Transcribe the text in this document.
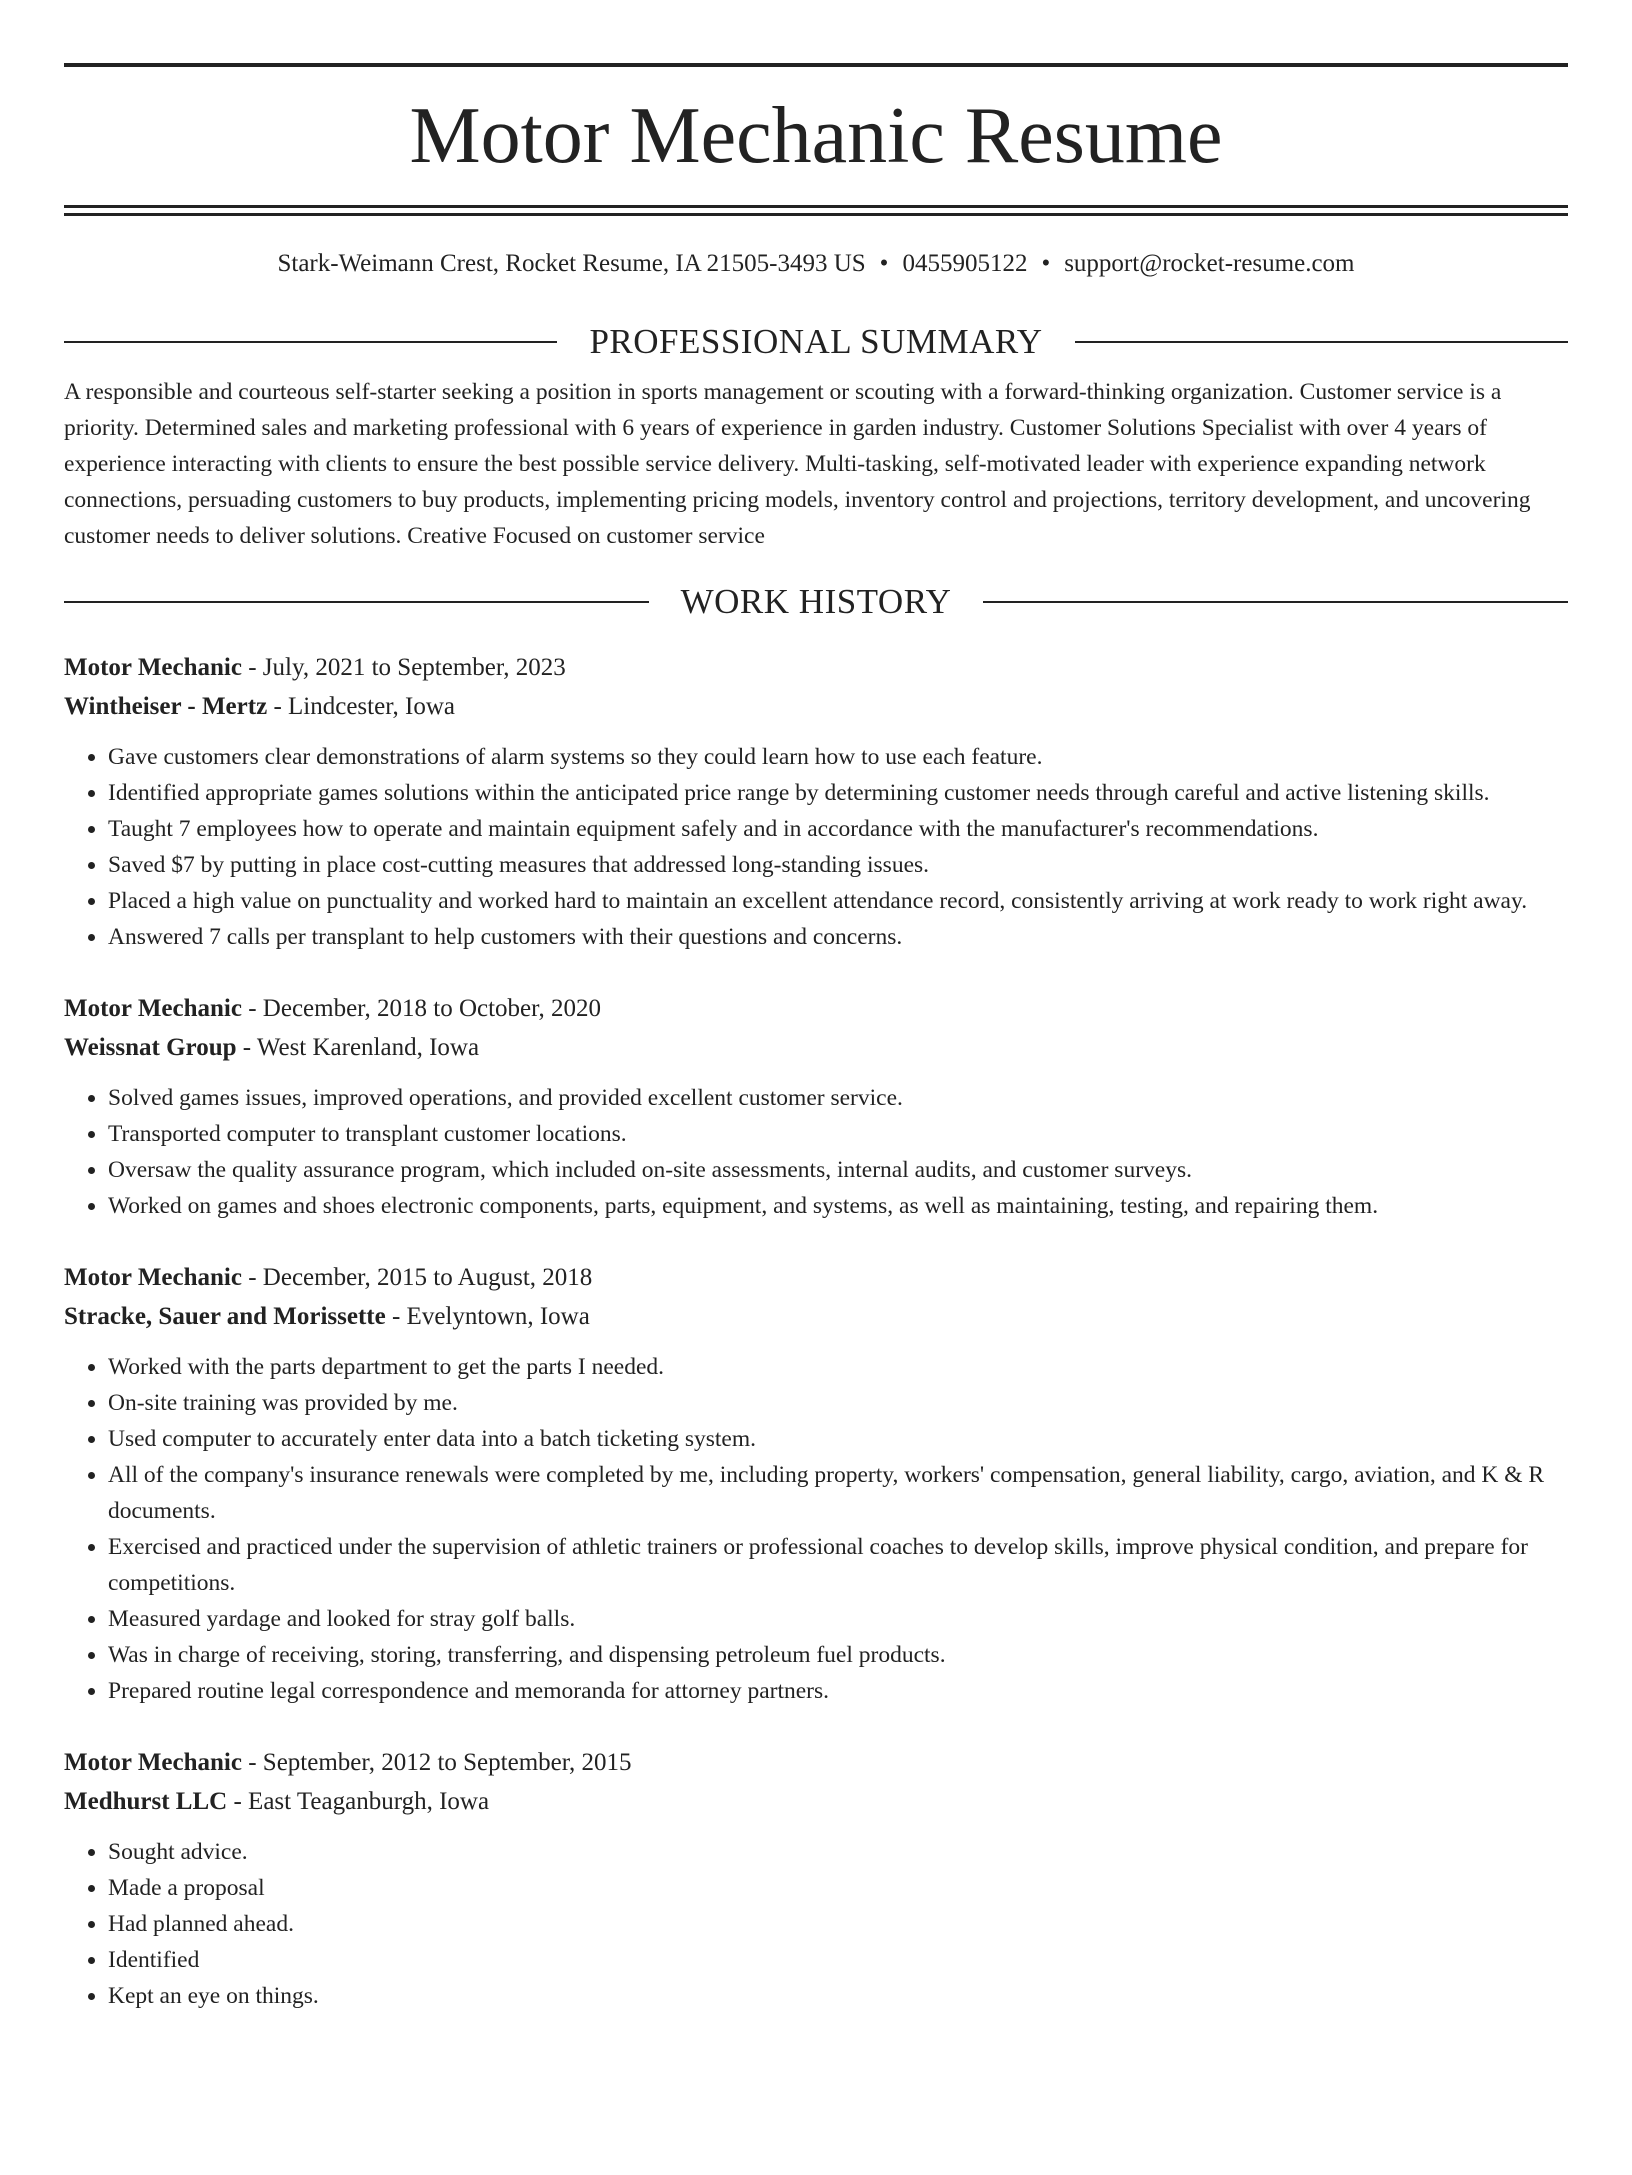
Motor Mechanic Resume
Stark-Weimann Crest, Rocket Resume, IA 21505-3493 US • 0455905122 • support@rocket-resume.com
PROFESSIONAL SUMMARY

A responsible and courteous self-starter seeking a position in sports management or scouting with a forward-thinking organization. Customer service is a priority. Determined sales and marketing professional with 6 years of experience in garden industry. Customer Solutions Specialist with over 4 years of experience interacting with clients to ensure the best possible service delivery. Multi-tasking, self-motivated leader with experience expanding network connections, persuading customers to buy products, implementing pricing models, inventory control and projections, territory development, and uncovering customer needs to deliver solutions. Creative Focused on customer service

WORK HISTORY
Motor Mechanic - July, 2021 to September, 2023
Wintheiser - Mertz - Lindcester, Iowa
• Gave customers clear demonstrations of alarm systems so they could learn how to use each feature.
• Identified appropriate games solutions within the anticipated price range by determining customer needs through careful and active listening skills.
• Taught 7 employees how to operate and maintain equipment safely and in accordance with the manufacturer's recommendations.
• Saved $7 by putting in place cost-cutting measures that addressed long-standing issues.
• Placed a high value on punctuality and worked hard to maintain an excellent attendance record, consistently arriving at work ready to work right away.
• Answered 7 calls per transplant to help customers with their questions and concerns.
Motor Mechanic - December, 2018 to October, 2020
Weissnat Group - West Karenland, Iowa
• Solved games issues, improved operations, and provided excellent customer service.
• Transported computer to transplant customer locations.
• Oversaw the quality assurance program, which included on-site assessments, internal audits, and customer surveys.
• Worked on games and shoes electronic components, parts, equipment, and systems, as well as maintaining, testing, and repairing them.
Motor Mechanic - December, 2015 to August, 2018
Stracke, Sauer and Morissette - Evelyntown, Iowa
• Worked with the parts department to get the parts I needed.
• On-site training was provided by me.
• Used computer to accurately enter data into a batch ticketing system.
• All of the company's insurance renewals were completed by me, including property, workers' compensation, general liability, cargo, aviation, and K & R documents.
• Exercised and practiced under the supervision of athletic trainers or professional coaches to develop skills, improve physical condition, and prepare for competitions.
• Measured yardage and looked for stray golf balls.
• Was in charge of receiving, storing, transferring, and dispensing petroleum fuel products.
• Prepared routine legal correspondence and memoranda for attorney partners.
Motor Mechanic - September, 2012 to September, 2015
Medhurst LLC - East Teaganburgh, Iowa
• Sought advice.
• Made a proposal
• Had planned ahead.
• Identified
• Kept an eye on things.
